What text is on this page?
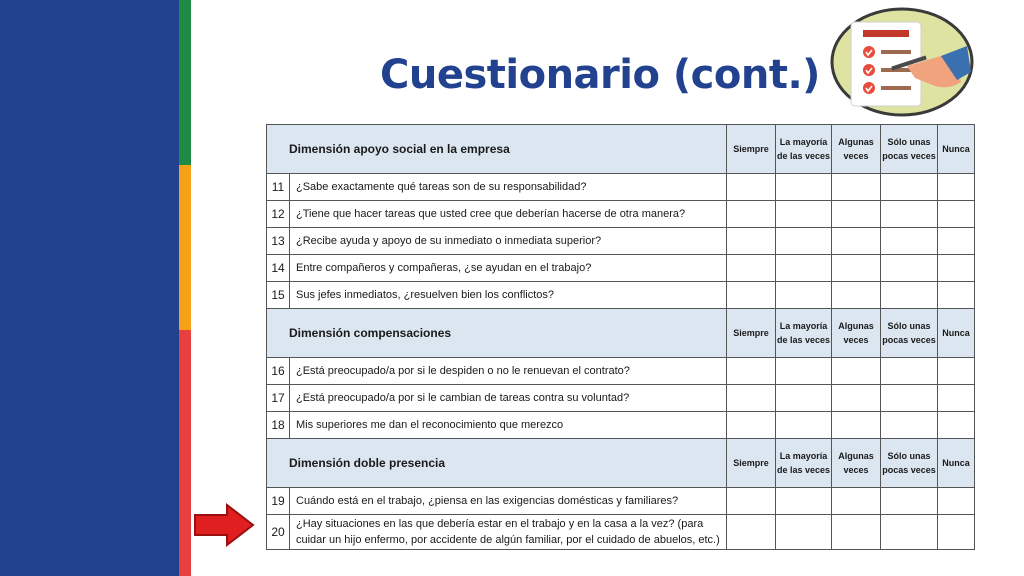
Cuestionario (cont.)
Dimensión apoyo social en la empresa		Siempre	La mayoría de las veces	Algunas veces	Sólo unas pocas veces	Nunca
11	¿Sabe exactamente qué tareas son de su responsabilidad?					
12	¿Tiene que hacer tareas que usted cree que deberían hacerse de otra manera?					
13	¿Recibe ayuda y apoyo de su inmediato o inmediata superior?					
14	Entre compañeros y compañeras, ¿se ayudan en el trabajo?					
15	Sus jefes inmediatos, ¿resuelven bien los conflictos?					
Dimensión compensaciones		Siempre	La mayoría de las veces	Algunas veces	Sólo unas pocas veces	Nunca
16	¿Está preocupado/a por si le despiden o no le renuevan el contrato?					
17	¿Está preocupado/a por si le cambian de tareas contra su voluntad?					
18	Mis superiores me dan el reconocimiento que merezco					
Dimensión doble presencia		Siempre	La mayoría de las veces	Algunas veces	Sólo unas pocas veces	Nunca
19	Cuándo está en el trabajo, ¿piensa en las exigencias domésticas y familiares?					
20	¿Hay situaciones en las que debería estar en el trabajo y en la casa a la vez? (para cuidar un hijo enfermo, por accidente de algún familiar, por el cuidado de abuelos, etc.)					
